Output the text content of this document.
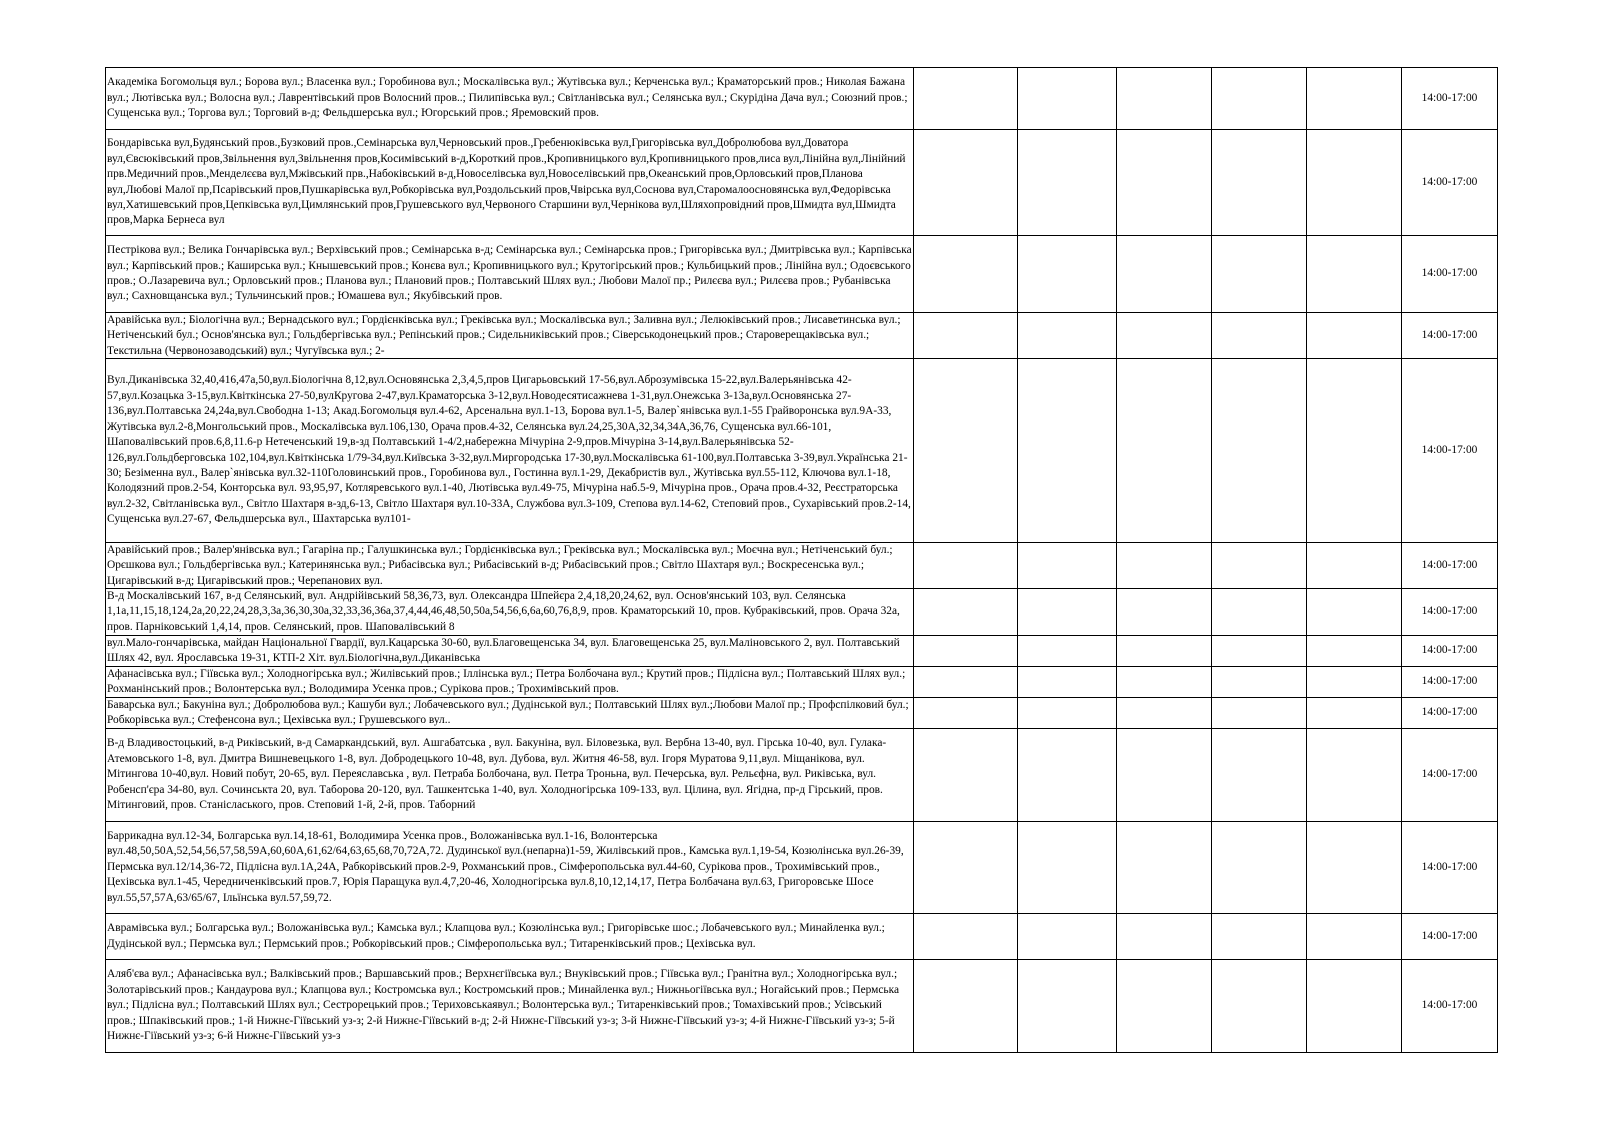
Академіка Богомольця вул.; Борова вул.; Власенка вул.; Горобинова вул.; Москалівська вул.; Жутівська вул.; Керченська вул.; Краматорський пров.; Николая Бажана вул.; Лютівська вул.; Волосна вул.; Лаврентівський пров Волосний пров..; Пилипівська вул.; Світланівська вул.; Селянська вул.; Скурідіна Дача вул.; Союзний пров.; Сущенська вул.; Торгова вул.; Торговий в-д; Фельдшерська вул.; Югорський пров.; Яремовский пров.						14:00-17:00

Бондарівська вул,Будянський пров.,Бузковий пров.,Семінарська вул,Черновський пров.,Гребенюківська вул,Григорівська вул,Добролюбова вул,Доватора вул,Євсюківський пров,Звільнення вул,Звільнення пров,Косимівський в-д,Короткий пров.,Кропивницького вул,Кропивницького пров,лиса вул,Лінійна вул,Лінійний прв.Медичний пров.,Менделєєва вул,Мжівський прв.,Набоківський в-д,Новоселівська вул,Новоселівський прв,Океанський пров,Орловський пров,Планова вул,Любові Малої пр,Псарівський пров,Пушкарівська вул,Робкорівська вул,Роздольський пров,Чвірська вул,Соснова вул,Старомалооснoвянська вул,Федорівська вул,Хатишевський пров,Цепківська вул,Цимлянський пров,Грушевського вул,Червоного Старшини вул,Чернікова вул,Шляхопровідний пров,Шмидта вул,Шмидта пров,Марка Бернеса вул						14:00-17:00

Пестрікова вул.; Велика Гончарівська вул.; Верхівський пров.; Семінарська в-д; Семінарська вул.; Семінарська пров.; Григорівська вул.; Дмитрівська вул.; Карпівська вул.; Карпівський пров.; Каширська вул.; Кнышевський пров.; Конєва вул.; Кропивницького вул.; Крутогірський пров.; Кульбицький пров.; Лінійна вул.; Одоєвського пров.; О.Лазаревича вул.; Орловський пров.; Планова вул.; Плановий пров.; Полтавський Шлях вул.; Любови Малої пр.; Рилєєва вул.; Рилєєва пров.; Рубанівська вул.; Сахновщанська вул.; Тульчинський пров.; Юмашева вул.; Якубівський пров.						14:00-17:00

Аравійська вул.; Біологічна вул.; Вернадського вул.; Гордієнківська вул.; Греківська вул.; Москалівська вул.; Заливна вул.; Лелюківський пров.; Лисаветинська вул.; Нетіченський бул.; Основ'янська вул.; Гольдбергівська вул.; Репінський пров.; Сидельниківський пров.; Сіверськодонецький пров.; Староверещаківська вул.; Текстильна (Червонозаводський) вул.; Чугуївська вул.; 2-						14:00-17:00

Вул.Диканівська 32,40,416,47а,50,вул.Біологічна 8,12,вул.Основянська 2,3,4,5,пров Цигарьовський 17-56,вул.Аброзумівська 15-22,вул.Валерьянівська 42-57,вул.Козацька 3-15,вул.Квіткінська 27-50,вулКругова 2-47,вул.Краматорська 3-12,вул.Новодесятисажнева 1-31,вул.Онежська 3-13а,вул.Основянська 27-136,вул.Полтавська 24,24а,вул.Свободна 1-13; Акад.Богомольця вул.4-62, Арсенальна вул.1-13, Борова вул.1-5, Валер`янівська вул.1-55 Грайворонська вул.9А-33, Жутівська вул.2-8,Монгольський пров., Москалівська вул.106,130, Орача пров.4-32, Селянська вул.24,25,30А,32,34,34А,36,76, Сущенська вул.66-101, Шаповалівський пров.6,8,11.6-р Нетеченський 19,в-зд Полтавський 1-4/2,набережна Мічуріна 2-9,пров.Мічуріна 3-14,вул.Валерьянівська 52-126,вул.Гольдберговська 102,104,вул.Квіткінська 1/79-34,вул.Київська 3-32,вул.Миргородська 17-30,вул.Москалівська 61-100,вул.Полтавська 3-39,вул.Українська 21-30; Безіменна вул., Валер`янівська вул.32-110Головинський пров., Горобинова вул., Гостинна вул.1-29, Декабристів вул., Жутівська вул.55-112, Ключова вул.1-18, Колодязний пров.2-54, Конторська вул. 93,95,97, Котляревського вул.1-40, Лютівська вул.49-75, Мічуріна наб.5-9, Мічуріна пров., Орача пров.4-32, Реєстраторська вул.2-32, Світланівська вул., Світло Шахтаря в-зд,6-13, Світло Шахтаря вул.10-33А, Службова вул.3-109, Степова вул.14-62, Степовий пров., Сухарівський пров.2-14, Сущенська вул.27-67, Фельдшерська вул., Шахтарська вул101-						14:00-17:00

Аравійський пров.; Валер'янівська вул.; Гагаріна пр.; Галушкинська вул.; Гордієнківська вул.; Греківська вул.; Москалівська вул.; Моєчна вул.; Нетіченський бул.; Орєшкова вул.; Гольдбергівська вул.; Катеринянська вул.; Рибасівська вул.; Рибасівський в-д; Рибасівський пров.; Світло Шахтаря вул.; Воскресенська вул.; Цигарівський в-д; Цигарівський пров.; Черепанових вул.						14:00-17:00

В-д Москалівський 167, в-д Селянський, вул. Андрійівський 58,36,73, вул. Олександра Шпейєра 2,4,18,20,24,62, вул. Основ'янський 103, вул. Селянська 1,1а,11,15,18,124,2а,20,22,24,28,3,3а,36,30,30а,32,33,36,36а,37,4,44,46,48,50,50а,54,56,6,6а,60,76,8,9, пров. Краматорський 10, пров. Кубраківський, пров. Орача 32а, пров. Парніковський 1,4,14, пров. Селянський, пров. Шаповалівський 8						14:00-17:00

вул.Мало-гончарівська, майдан Національної Гвардії, вул.Кацарська 30-60, вул.Благовещенська 34, вул. Благовещенська 25, вул.Маліновського 2, вул. Полтавський Шлях 42, вул. Ярославська 19-31, КТП-2 Хіт. вул.Біологічна,вул.Диканівська						14:00-17:00

Афанасівська вул.; Гіївська вул.; Холодногірська вул.; Жилівський пров.; Іллінська вул.; Петра Болбочана вул.; Крутий пров.; Підлісна вул.; Полтавський Шлях вул.; Рохманінський пров.; Волонтерська вул.; Володимира Усенка пров.; Сурікова пров.; Трохимівський пров.						14:00-17:00

Баварська вул.; Бакуніна вул.; Добролюбова вул.; Кашуби вул.; Лобачевського вул.; Дудінськой вул.; Полтавський Шлях вул.;Любови Малої пр.; Профспілковий бул.; Робкорівська вул.; Стефенсона вул.; Цехівська вул.; Грушевського вул..						14:00-17:00

В-д Владивостоцький, в-д Риківський, в-д Самаркандський, вул. Ашгабатська , вул. Бакуніна, вул. Біловезька, вул. Вербна 13-40, вул. Гірська 10-40, вул. Гулака-Атемовського 1-8, вул. Дмитра Вишневецького 1-8, вул. Добродецького 10-48, вул. Дубова, вул. Житня 46-58, вул. Ігоря Муратова 9,11,вул. Міщанікова, вул. Мітингова 10-40,вул. Новий побут, 20-65, вул. Переяславська , вул. Петраба Болбочана, вул. Петра Троньна, вул. Печерська, вул. Рельєфна, вул. Риківська, вул. Робенсп'єра 34-80, вул. Сочинськта 20, вул. Таборова 20-120, вул. Ташкентська 1-40, вул. Холодногірська 109-133, вул. Цілина, вул. Ягідна, пр-д Гірський, пров. Мітинговий, пров. Станісласького, пров. Степовий 1-й, 2-й, пров. Таборний						14:00-17:00

Баррикадна вул.12-34, Болгарська вул.14,18-61, Володимира Усенка пров., Воложанівська вул.1-16, Волонтерська вул.48,50,50А,52,54,56,57,58,59А,60,60А,61,62/64,63,65,68,70,72А,72. Дудинської вул.(непарна)1-59, Жилівський пров., Камська вул.1,19-54, Козюлінська вул.26-39, Пермська вул.12/14,36-72, Підлісна вул.1А,24А, Рабкорівський пров.2-9, Рохманський пров., Сімферопольська вул.44-60, Сурікова пров., Трохимівський пров., Цехівська вул.1-45, Чередниченківський пров.7, Юрія Паращука вул.4,7,20-46, Холодногірська вул.8,10,12,14,17, Петра Болбачана вул.63, Григоровське Шосе вул.55,57,57А,63/65/67, Ільїнська вул.57,59,72.						14:00-17:00

Аврамівська вул.; Болгарська вул.; Воложанівська вул.; Камська вул.; Клапцова вул.; Козюлінська вул.; Григорівське шос.; Лобачевського вул.; Минайленка вул.; Дудінськой вул.; Пермська вул.; Пермський пров.; Робкорівський пров.; Сімферопольська вул.; Титаренківський пров.; Цехівська вул.						14:00-17:00

Аляб'єва вул.; Афанасівська вул.; Валківський пров.; Варшавський пров.; Верхнєгіївська вул.; Внуківський пров.; Гіївська вул.; Гранітна вул.; Холодногірська вул.; Золотарівський пров.; Кандаурова вул.; Клапцова вул.; Костромська вул.; Костромський пров.; Минайленка вул.; Нижньогіївська вул.; Ногайський пров.; Пермська вул.; Підлісна вул.; Полтавський Шлях вул.; Сестрорецький пров.; Териховськаявул.; Волонтерська вул.; Титаренківський пров.; Томахівський пров.; Усівський пров.; Шпаківський пров.; 1-й Нижнє-Гіївський уз-з; 2-й Нижнє-Гіївський в-д; 2-й Нижнє-Гіївський уз-з; 3-й Нижнє-Гіївський уз-з; 4-й Нижнє-Гіївський уз-з; 5-й Нижнє-Гіївський уз-з; 6-й Нижнє-Гіївський уз-з						14:00-17:00
